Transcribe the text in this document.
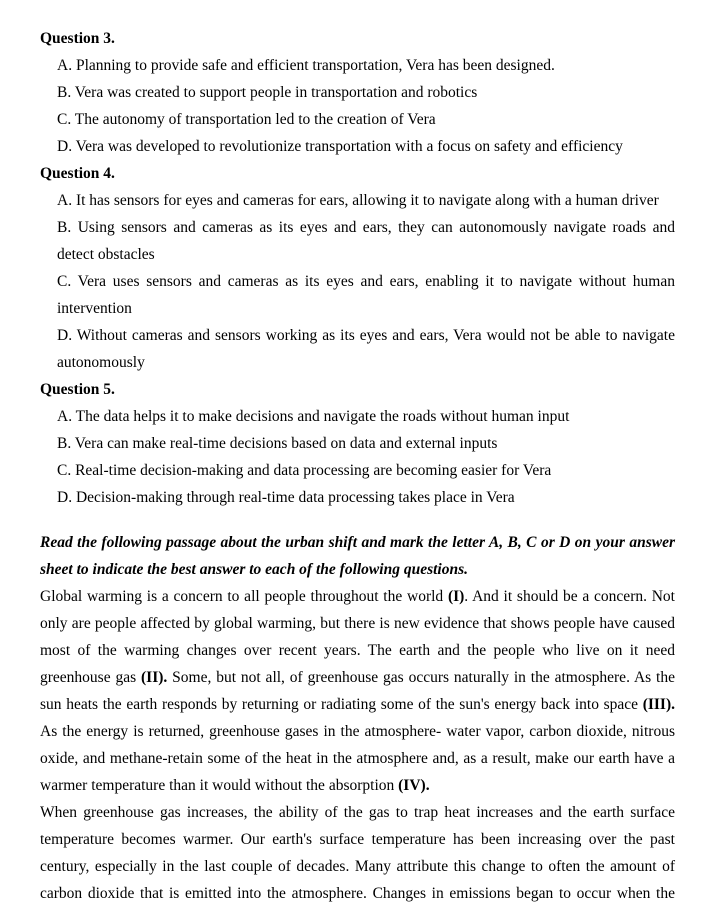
Question 3.

A. Planning to provide safe and efficient transportation, Vera has been designed.

B. Vera was created to support people in transportation and robotics

C. The autonomy of transportation led to the creation of Vera

D. Vera was developed to revolutionize transportation with a focus on safety and efficiency

Question 4.

A. It has sensors for eyes and cameras for ears, allowing it to navigate along with a human driver

B. Using sensors and cameras as its eyes and ears, they can autonomously navigate roads and detect obstacles

C. Vera uses sensors and cameras as its eyes and ears, enabling it to navigate without human intervention

D. Without cameras and sensors working as its eyes and ears, Vera would not be able to navigate autonomously

Question 5.

A. The data helps it to make decisions and navigate the roads without human input

B. Vera can make real-time decisions based on data and external inputs

C. Real-time decision-making and data processing are becoming easier for Vera

D. Decision-making through real-time data processing takes place in Vera

Read the following passage about the urban shift and mark the letter A, B, C or D on your answer sheet to indicate the best answer to each of the following questions.

Global warming is a concern to all people throughout the world (I). And it should be a concern. Not only are people affected by global warming, but there is new evidence that shows people have caused most of the warming changes over recent years. The earth and the people who live on it need greenhouse gas (II). Some, but not all, of greenhouse gas occurs naturally in the atmosphere. As the sun heats the earth responds by returning or radiating some of the sun's energy back into space (III). As the energy is returned, greenhouse gases in the atmosphere- water vapor, carbon dioxide, nitrous oxide, and methane-retain some of the heat in the atmosphere and, as a result, make our earth have a warmer temperature than it would without the absorption (IV).

When greenhouse gas increases, the ability of the gas to trap heat increases and the earth surface temperature becomes warmer. Our earth's surface temperature has been increasing over the past century, especially in the last couple of decades. Many attribute this change to often the amount of carbon dioxide that is emitted into the atmosphere. Changes in emissions began to occur when the
